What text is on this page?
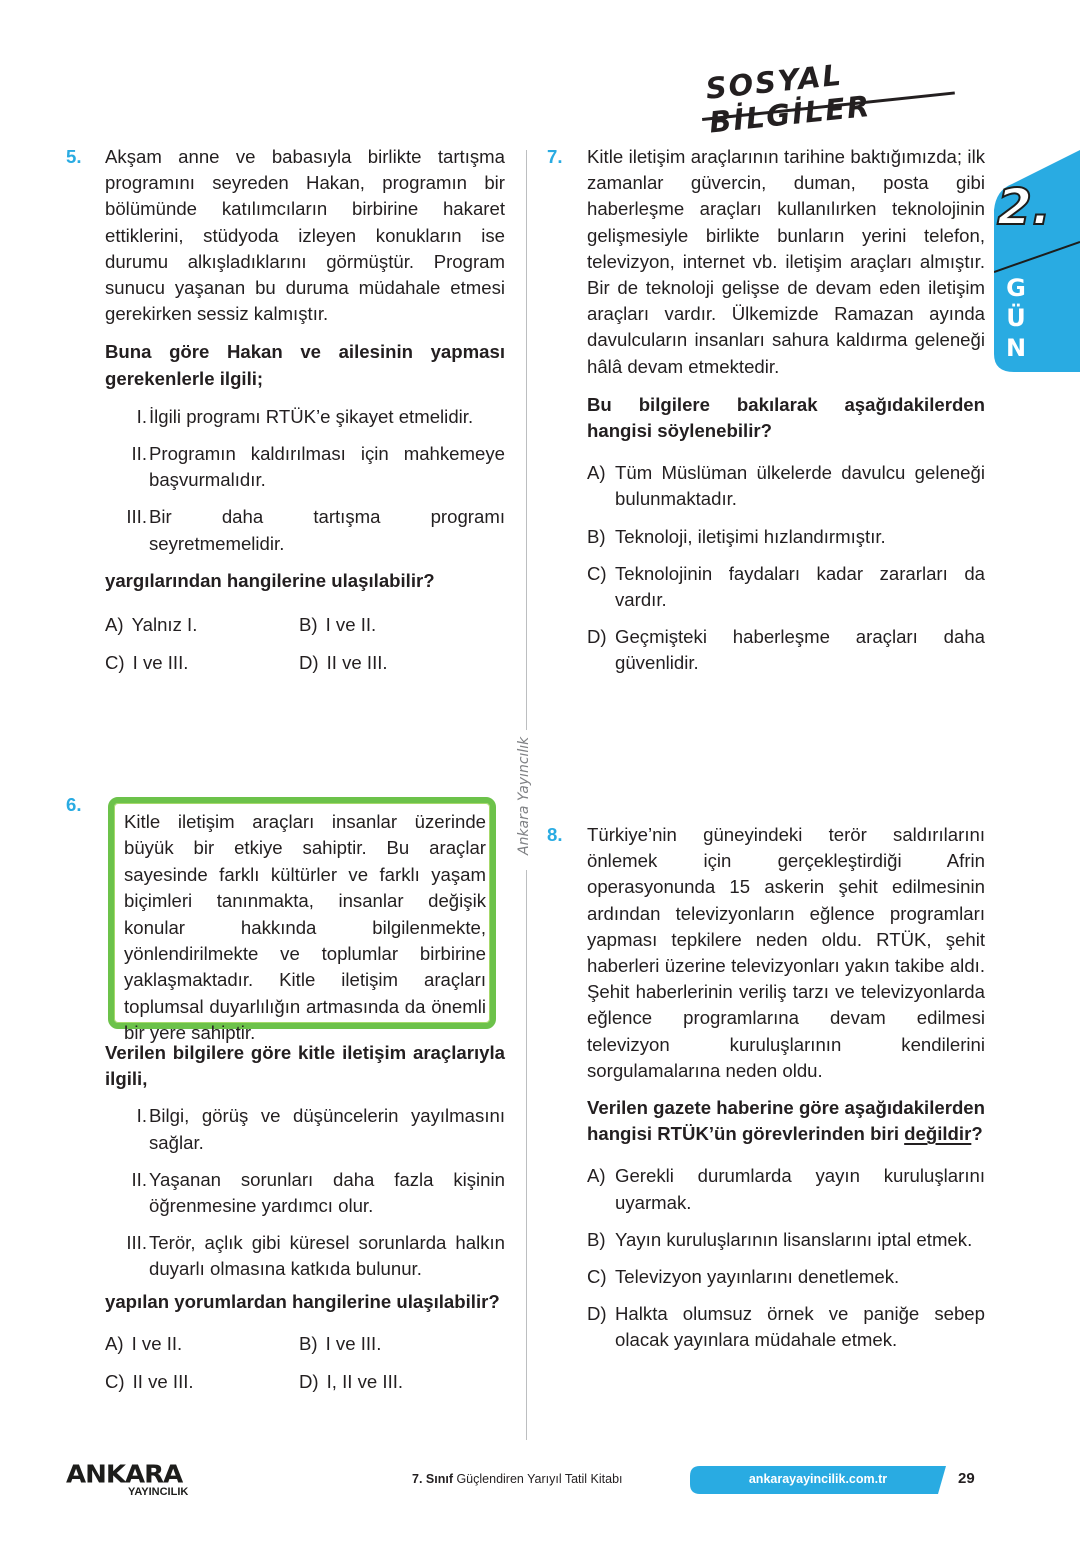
SOSYAL BİLGİLER
2.
GÜN
Ankara Yayıncılık
5. Akşam anne ve babasıyla birlikte tartışma programını seyreden Hakan, programın bir bölümünde katılımcıların birbirine hakaret ettiklerini, stüdyoda izleyen konukların ise durumu alkışladıklarını görmüştür. Program sunucu yaşanan bu duruma müdahale etmesi gerekirken sessiz kalmıştır.
Buna göre Hakan ve ailesinin yapması gerekenlerle ilgili;
I. İlgili programı RTÜK’e şikayet etmelidir.
II. Programın kaldırılması için mahkemeye başvurmalıdır.
III. Bir daha tartışma programı seyretmemelidir.
yargılarından hangilerine ulaşılabilir?
A) Yalnız I.	B) I ve II.
C) I ve III.	D) II ve III.
6.
Kitle iletişim araçları insanlar üzerinde büyük bir etkiye sahiptir. Bu araçlar sayesinde farklı kültürler ve farklı yaşam biçimleri tanınmakta, insanlar değişik konular hakkında bilgilenmekte, yönlendirilmekte ve toplumlar birbirine yaklaşmaktadır. Kitle iletişim araçları toplumsal duyarlılığın artmasında da önemli bir yere sahiptir.
Verilen bilgilere göre kitle iletişim araçlarıyla ilgili,
I. Bilgi, görüş ve düşüncelerin yayılmasını sağlar.
II. Yaşanan sorunları daha fazla kişinin öğrenmesine yardımcı olur.
III. Terör, açlık gibi küresel sorunlarda halkın duyarlı olmasına katkıda bulunur.
yapılan yorumlardan hangilerine ulaşılabilir?
A) I ve II.	B) I ve III.
C) II ve III.	D) I, II ve III.
7. Kitle iletişim araçlarının tarihine baktığımızda; ilk zamanlar güvercin, duman, posta gibi haberleşme araçları kullanılırken teknolojinin gelişmesiyle birlikte bunların yerini telefon, televizyon, internet vb. iletişim araçları almıştır. Bir de teknoloji gelişse de devam eden iletişim araçları vardır. Ülkemizde Ramazan ayında davulcuların insanları sahura kaldırma geleneği hâlâ devam etmektedir.
Bu bilgilere bakılarak aşağıdakilerden hangisi söylenebilir?
A) Tüm Müslüman ülkelerde davulcu geleneği bulunmaktadır.
B) Teknoloji, iletişimi hızlandırmıştır.
C) Teknolojinin faydaları kadar zararları da vardır.
D) Geçmişteki haberleşme araçları daha güvenlidir.
8. Türkiye’nin güneyindeki terör saldırılarını önlemek için gerçekleştirdiği Afrin operasyonunda 15 askerin şehit edilmesinin ardından televizyonların eğlence programları yapması tepkilere neden oldu. RTÜK, şehit haberleri üzerine televizyonları yakın takibe aldı. Şehit haberlerinin veriliş tarzı ve televizyonlarda eğlence programlarına devam edilmesi televizyon kuruluşlarının kendilerini sorgulamalarına neden oldu.
Verilen gazete haberine göre aşağıdakilerden hangisi RTÜK’ün görevlerinden biri değildir?
A) Gerekli durumlarda yayın kuruluşlarını uyarmak.
B) Yayın kuruluşlarının lisanslarını iptal etmek.
C) Televizyon yayınlarını denetlemek.
D) Halkta olumsuz örnek ve paniğe sebep olacak yayınlara müdahale etmek.
ANKARA
YAYINCILIK
7. Sınıf Güçlendiren Yarıyıl Tatil Kitabı	ankarayayincilik.com.tr	29
